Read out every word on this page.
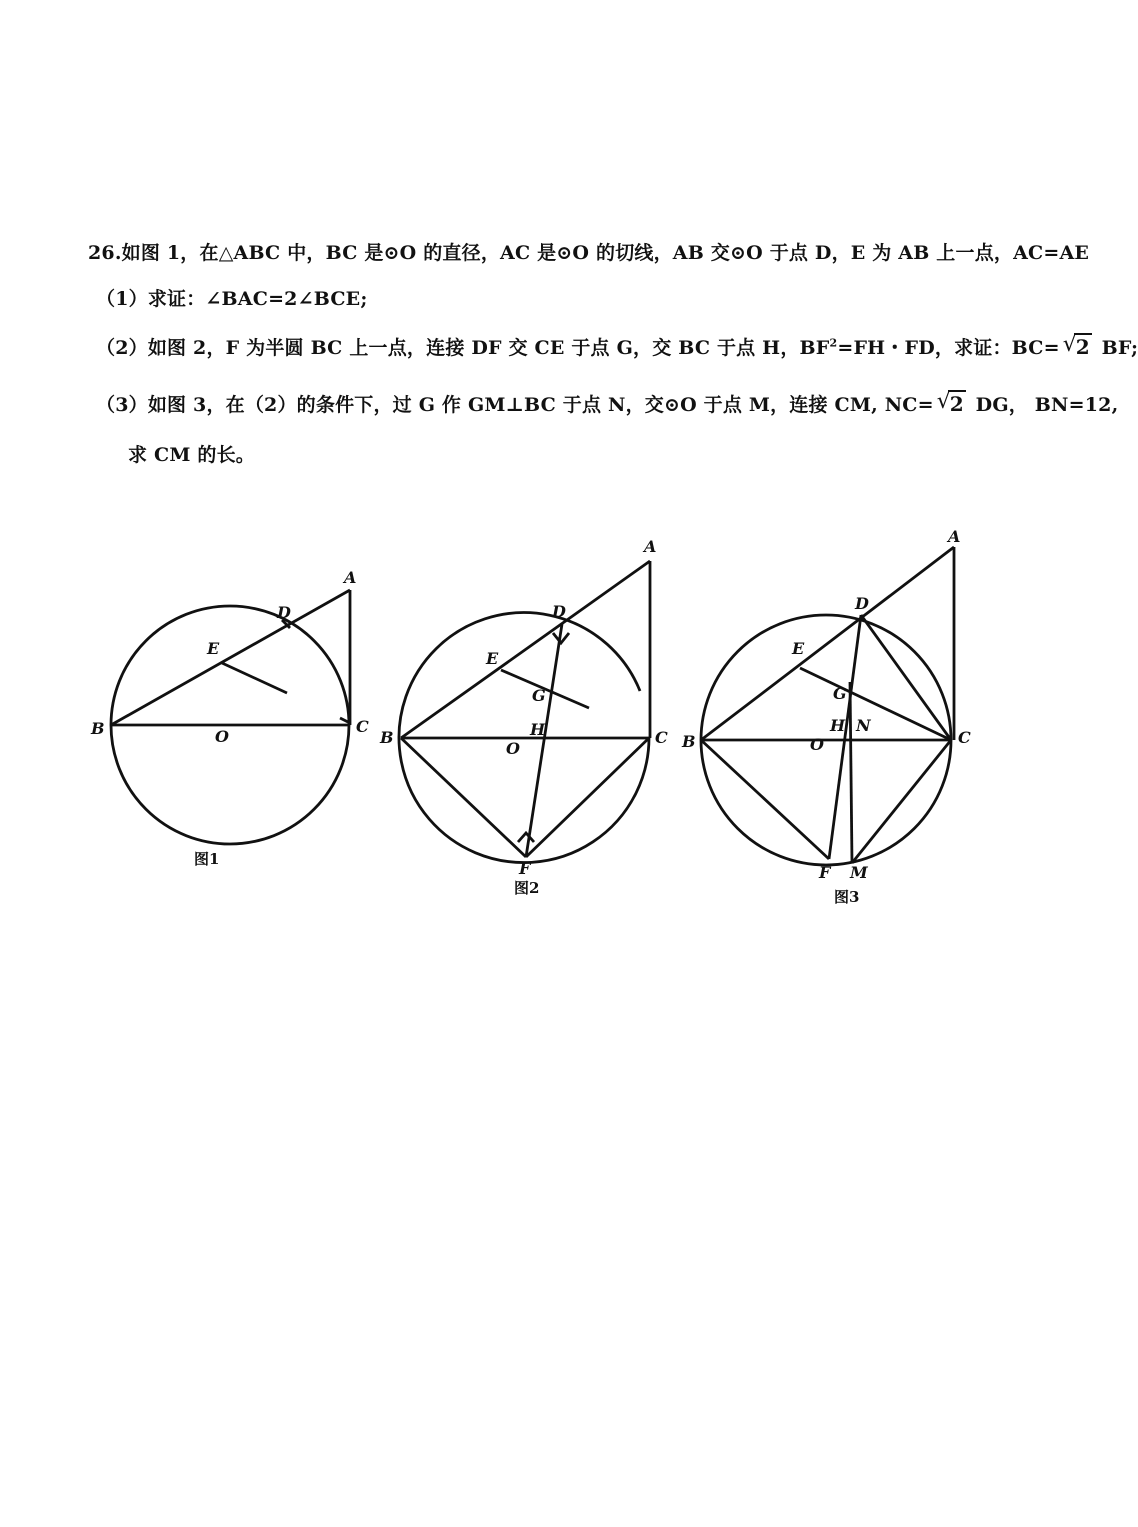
26.如图 1，在△ABC 中，BC 是⊙O 的直径，AC 是⊙O 的切线，AB 交⊙O 于点 D，E 为 AB 上一点，AC=AE
（1）求证：∠BAC=2∠BCE;
（2）如图 2，F 为半圆 BC 上一点，连接 DF 交 CE 于点 G，交 BC 于点 H，$BF^2=FH$・FD，求证：BC= √
2 BF;
（3）如图 3，在（2）的条件下，过 G 作 GM⊥BC 于点 N，交⊙O 于点 M，连接 CM, NC= √
2 DG， BN=12,
求 CM 的长。
A
B	C
D
E
O
图1
A
B	C
D
E
G
H
O
F
图2
A
B	C
D
E
G
H N
O
F M
图3
